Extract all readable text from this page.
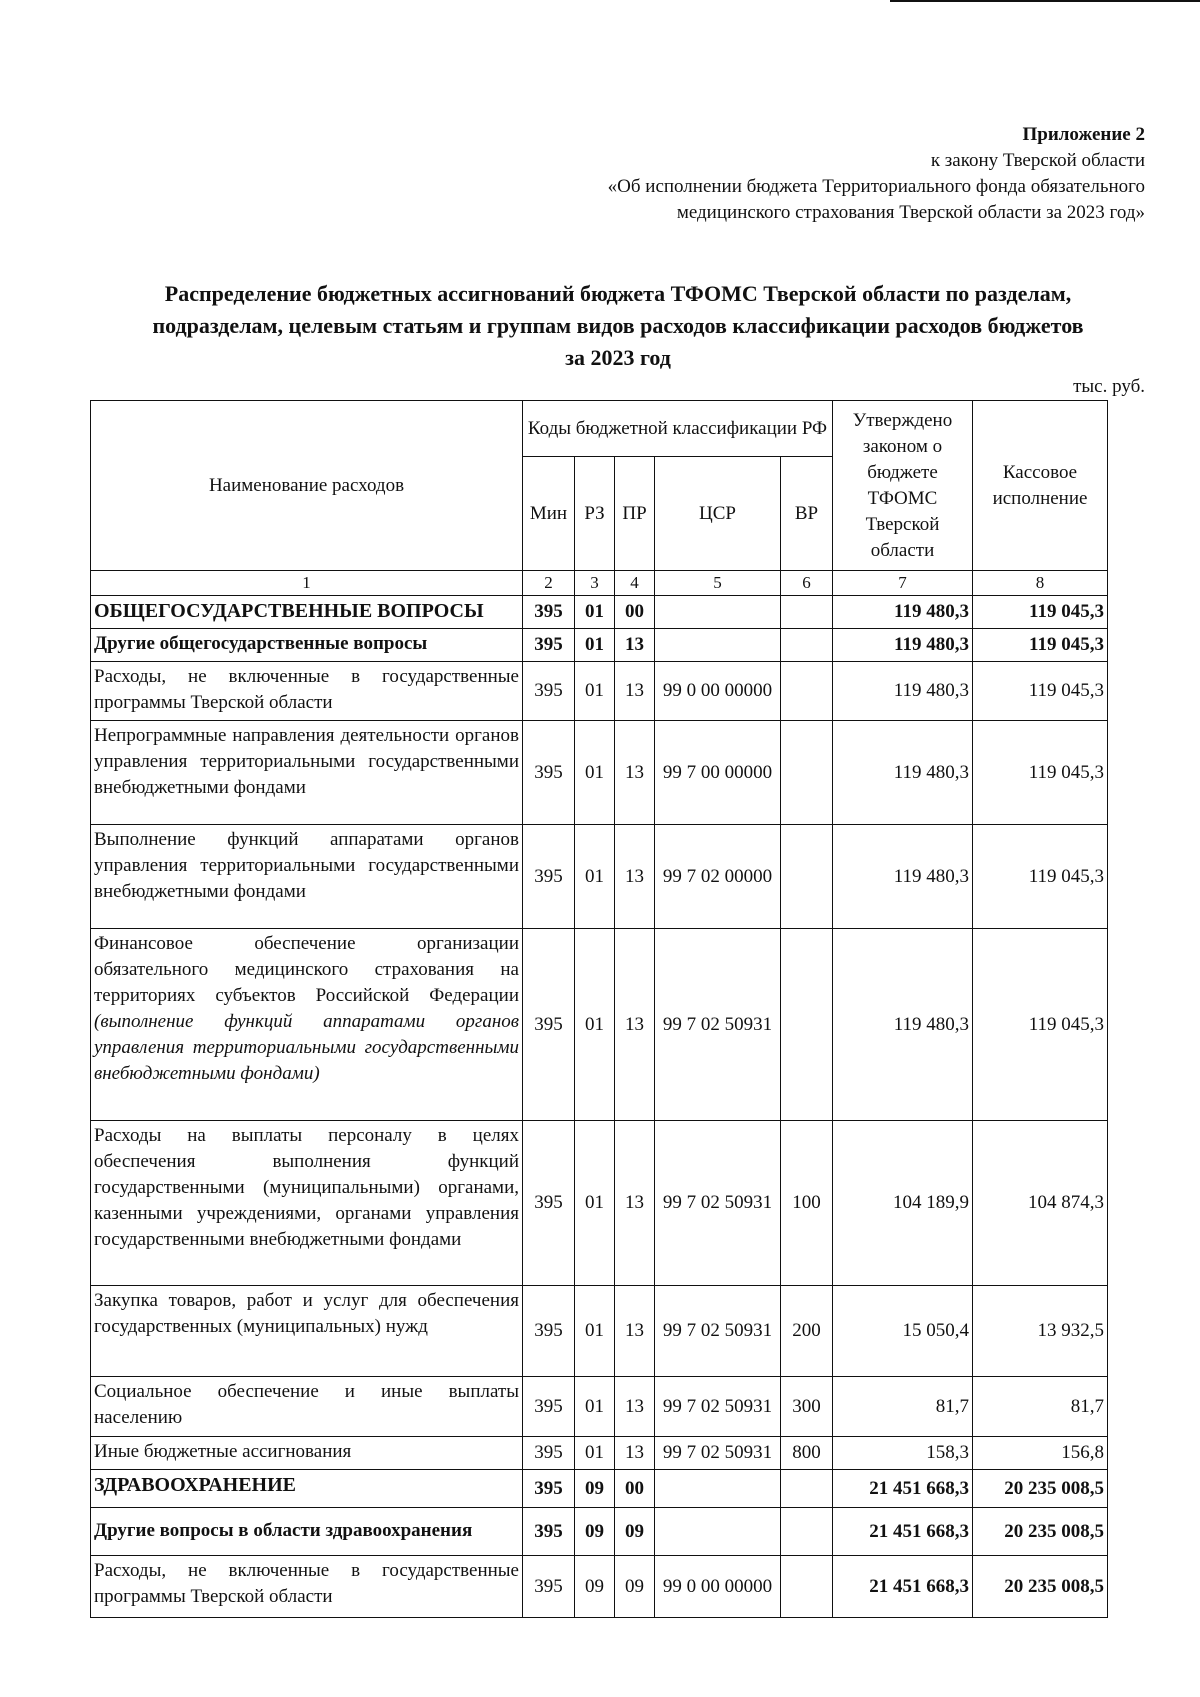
Приложение 2
к закону Тверской области
«Об исполнении бюджета Территориального фонда обязательного
медицинского страхования Тверской области за 2023 год»
Распределение бюджетных ассигнований бюджета ТФОМС Тверской области по разделам,
подразделам, целевым статьям и группам видов расходов классификации расходов бюджетов
за 2023 год
тыс. руб.
Наименование расходов	Коды бюджетной классификации РФ					Утверждено законом о бюджете ТФОМС Тверской области	Кассовое исполнение
	Мин	РЗ	ПР	ЦСР	ВР		
1	2	3	4	5	6	7	8
ОБЩЕГОСУДАРСТВЕННЫЕ ВОПРОСЫ	395	01	00			119 480,3	119 045,3
Другие общегосударственные вопросы	395	01	13			119 480,3	119 045,3
Расходы, не включенные в государственные программы Тверской области	395	01	13	99 0 00 00000		119 480,3	119 045,3
Непрограммные направления деятельности органов управления территориальными государственными внебюджетными фондами	395	01	13	99 7 00 00000		119 480,3	119 045,3
Выполнение функций аппаратами органов управления территориальными государственными внебюджетными фондами	395	01	13	99 7 02 00000		119 480,3	119 045,3
Финансовое обеспечение организации обязательного медицинского страхования на территориях субъектов Российской Федерации (выполнение функций аппаратами органов управления территориальными государственными внебюджетными фондами)	395	01	13	99 7 02 50931		119 480,3	119 045,3
Расходы на выплаты персоналу в целях обеспечения выполнения функций государственными (муниципальными) органами, казенными учреждениями, органами управления государственными внебюджетными фондами	395	01	13	99 7 02 50931	100	104 189,9	104 874,3
Закупка товаров, работ и услуг для обеспечения государственных (муниципальных) нужд	395	01	13	99 7 02 50931	200	15 050,4	13 932,5
Социальное обеспечение и иные выплаты населению	395	01	13	99 7 02 50931	300	81,7	81,7
Иные бюджетные ассигнования	395	01	13	99 7 02 50931	800	158,3	156,8
ЗДРАВООХРАНЕНИЕ	395	09	00			21 451 668,3	20 235 008,5
Другие вопросы в области здравоохранения	395	09	09			21 451 668,3	20 235 008,5
Расходы, не включенные в государственные программы Тверской области	395	09	09	99 0 00 00000		21 451 668,3	20 235 008,5
